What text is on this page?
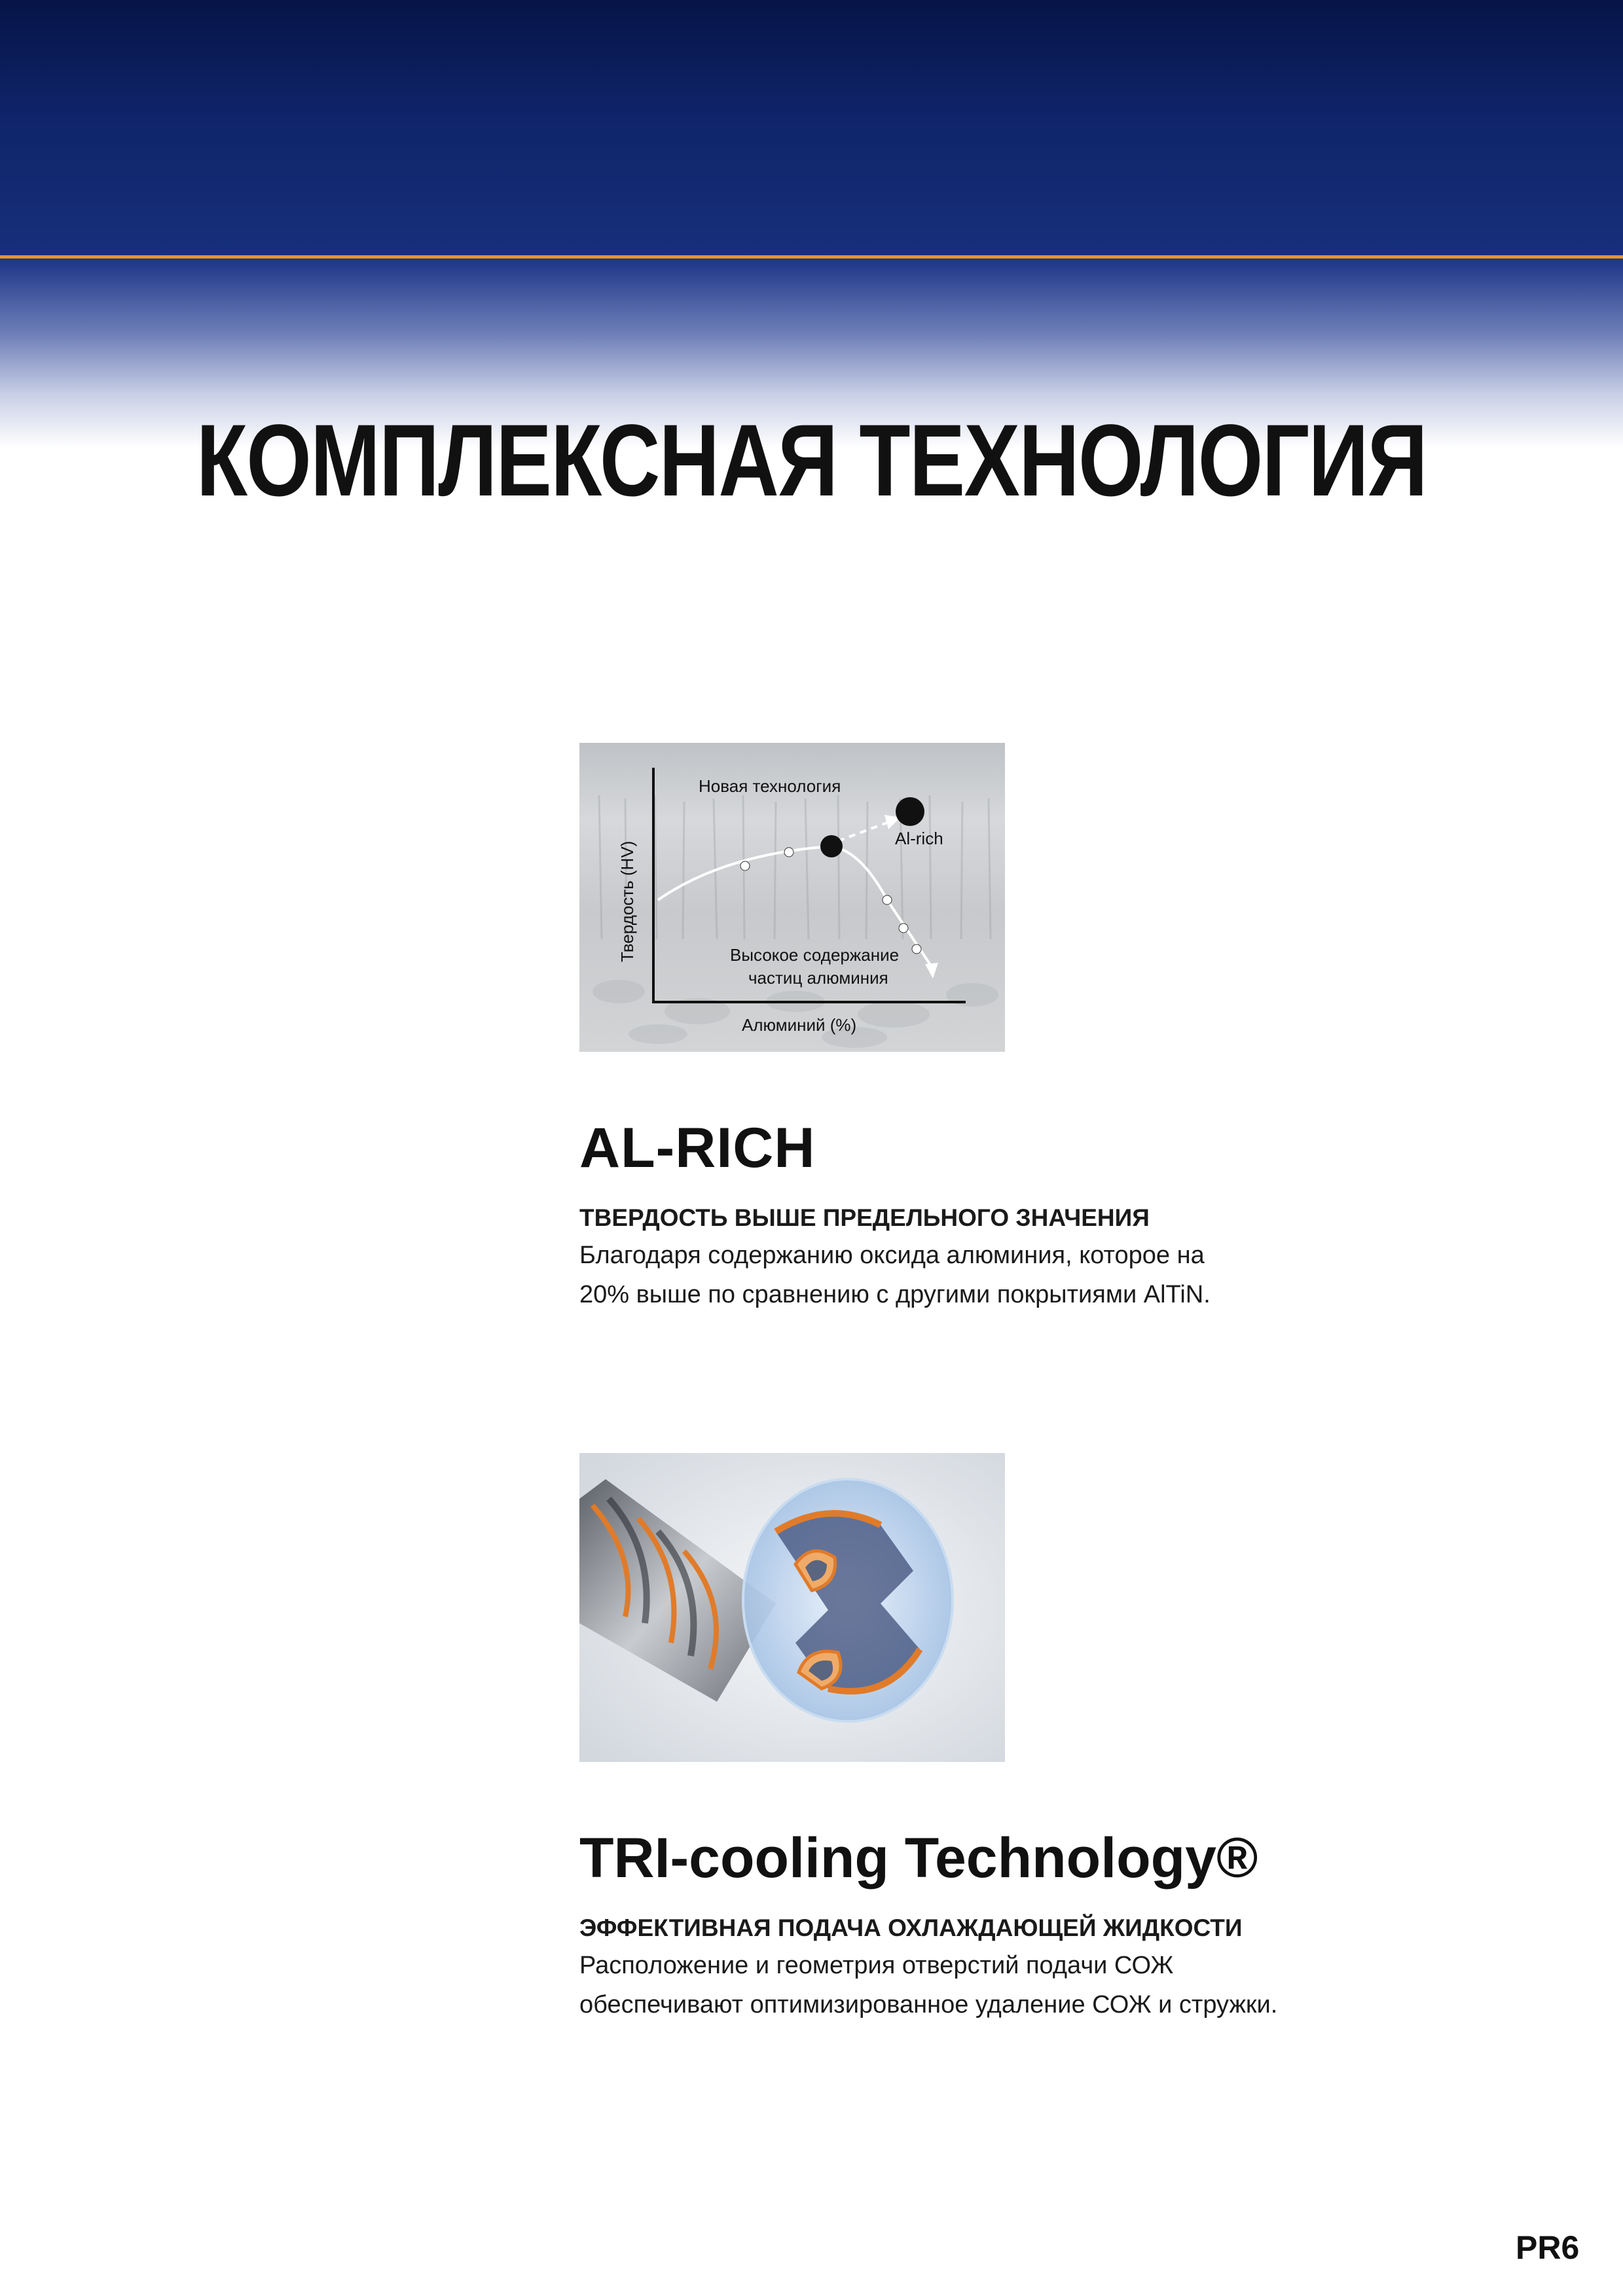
КОМПЛЕКСНАЯ ТЕХНОЛОГИЯ
Твердость (HV)
Алюминий (%)
Новая технология
Al-rich
Высокое содержание
частиц алюминия
AL-RICH
ТВЕРДОСТЬ ВЫШЕ ПРЕДЕЛЬНОГО ЗНАЧЕНИЯ
Благодаря содержанию оксида алюминия, которое на
20% выше по сравнению с другими покрытиями AlTiN.
TRI-cooling Technology®
ЭФФЕКТИВНАЯ ПОДАЧА ОХЛАЖДАЮЩЕЙ ЖИДКОСТИ
Расположение и геометрия отверстий подачи СОЖ
обеспечивают оптимизированное удаление СОЖ и стружки.
PR6
